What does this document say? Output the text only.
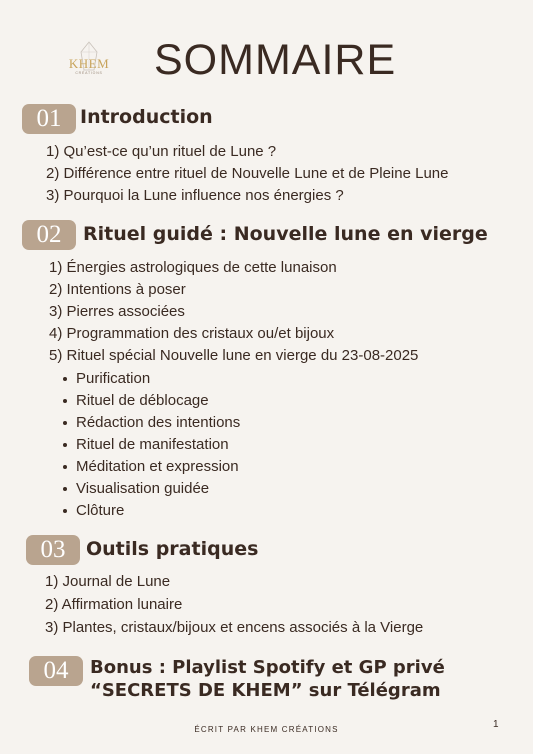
KHEM
CRÉATIONS SOMMAIRE
01 Introduction
1) Qu’est-ce qu’un rituel de Lune ?
2) Différence entre rituel de Nouvelle Lune et de Pleine Lune
3) Pourquoi la Lune influence nos énergies ?
02	Rituel guidé : Nouvelle lune en vierge
1) Énergies astrologiques de cette lunaison
2) Intentions à poser
3) Pierres associées
4) Programmation des cristaux ou/et bijoux
5) Rituel spécial Nouvelle lune en vierge du 23-08-2025
Purification
Rituel de déblocage
Rédaction des intentions
Rituel de manifestation
Méditation et expression
Visualisation guidée
Clôture
03	Outils pratiques
1) Journal de Lune
2) Affirmation lunaire
3) Plantes, cristaux/bijoux et encens associés à la Vierge
04	Bonus : Playlist Spotify et GP privé
“SECRETS DE KHEM” sur Télégram
ÉCRIT PAR KHEM CRÉATIONS	1
